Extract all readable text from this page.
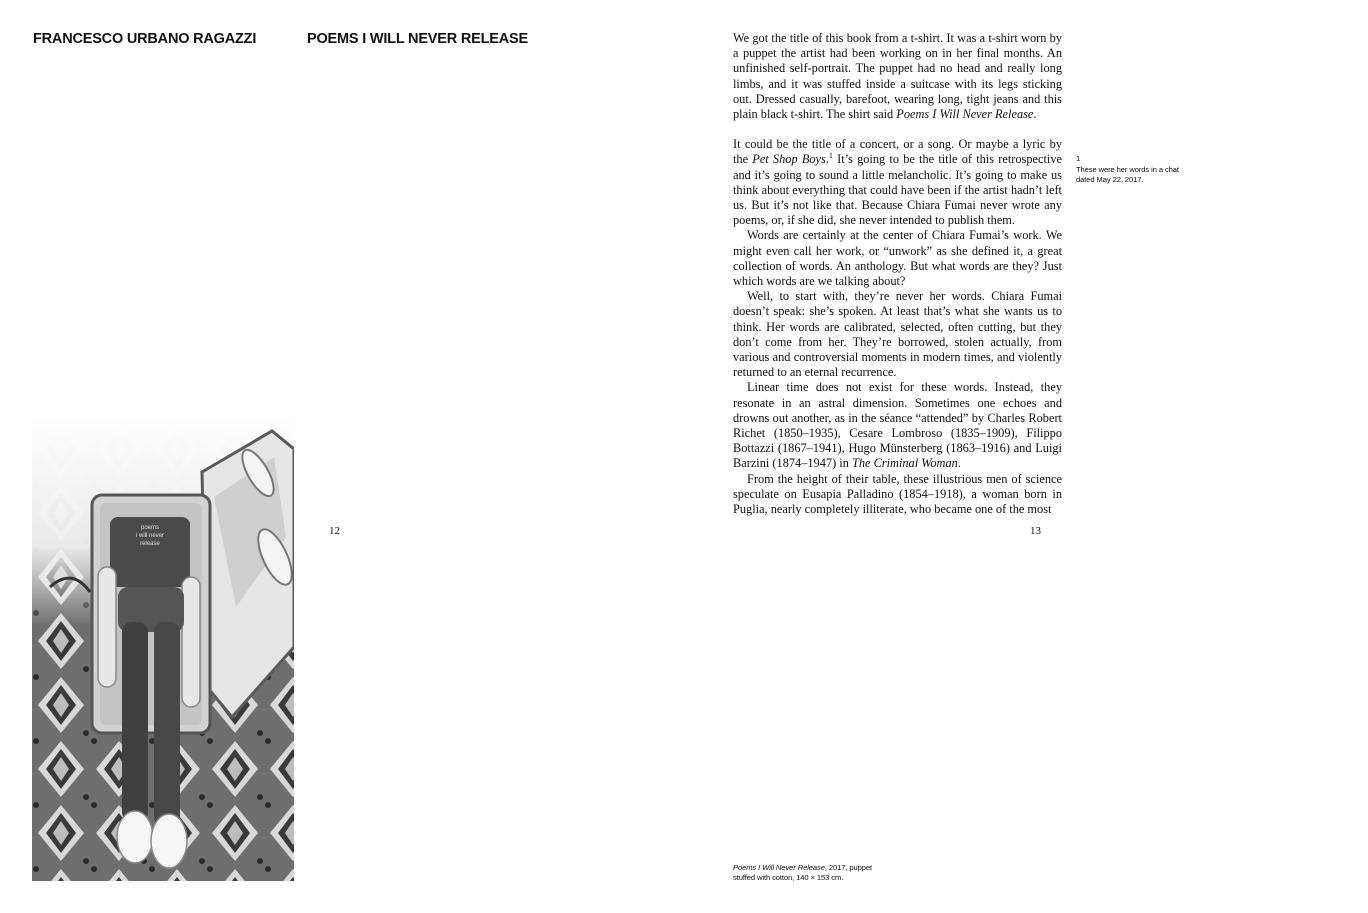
FRANCESCO URBANO RAGAZZI	POEMS I WILL NEVER RELEASE
poems
i will never
release
12

We got the title of this book from a t-shirt. It was a t-shirt worn by a puppet the artist had been working on in her final months. An unfinished self-portrait. The puppet had no head and really long limbs, and it was stuffed inside a suitcase with its legs sticking out. Dressed casually, barefoot, wearing long, tight jeans and this plain black t-shirt. The shirt said Poems I Will Never Release.

It could be the title of a concert, or a song. Or maybe a lyric by the Pet Shop Boys.$^1$ It’s going to be the title of this retrospective and it’s going to sound a little melancholic. It’s going to make us think about everything that could have been if the artist hadn’t left us. But it’s not like that. Because Chiara Fumai never wrote any poems, or, if she did, she never intended to publish them.

Words are certainly at the center of Chiara Fumai’s work. We might even call her work, or “unwork” as she defined it, a great collection of words. An anthology. But what words are they? Just which words are we talking about?

Well, to start with, they’re never her words. Chiara Fumai doesn’t speak: she’s spoken. At least that’s what she wants us to think. Her words are calibrated, selected, often cutting, but they don’t come from her. They’re borrowed, stolen actually, from various and controversial moments in modern times, and violently returned to an eternal recurrence.

Linear time does not exist for these words. Instead, they resonate in an astral dimension. Sometimes one echoes and drowns out another, as in the séance “attended” by Charles Robert Richet (1850–1935), Cesare Lombroso (1835–1909), Filippo Bottazzi (1867–1941), Hugo Münsterberg (1863–1916) and Luigi Barzini (1874–1947) in The Criminal Woman.

From the height of their table, these illustrious men of science speculate on Eusapia Palladino (1854–1918), a woman born in Puglia, nearly completely illiterate, who became one of the most

1
These were her words in a chat dated May 22, 2017.
13
Poems I Will Never Release, 2017, puppet stuffed with cotton, 140 × 153 cm.
